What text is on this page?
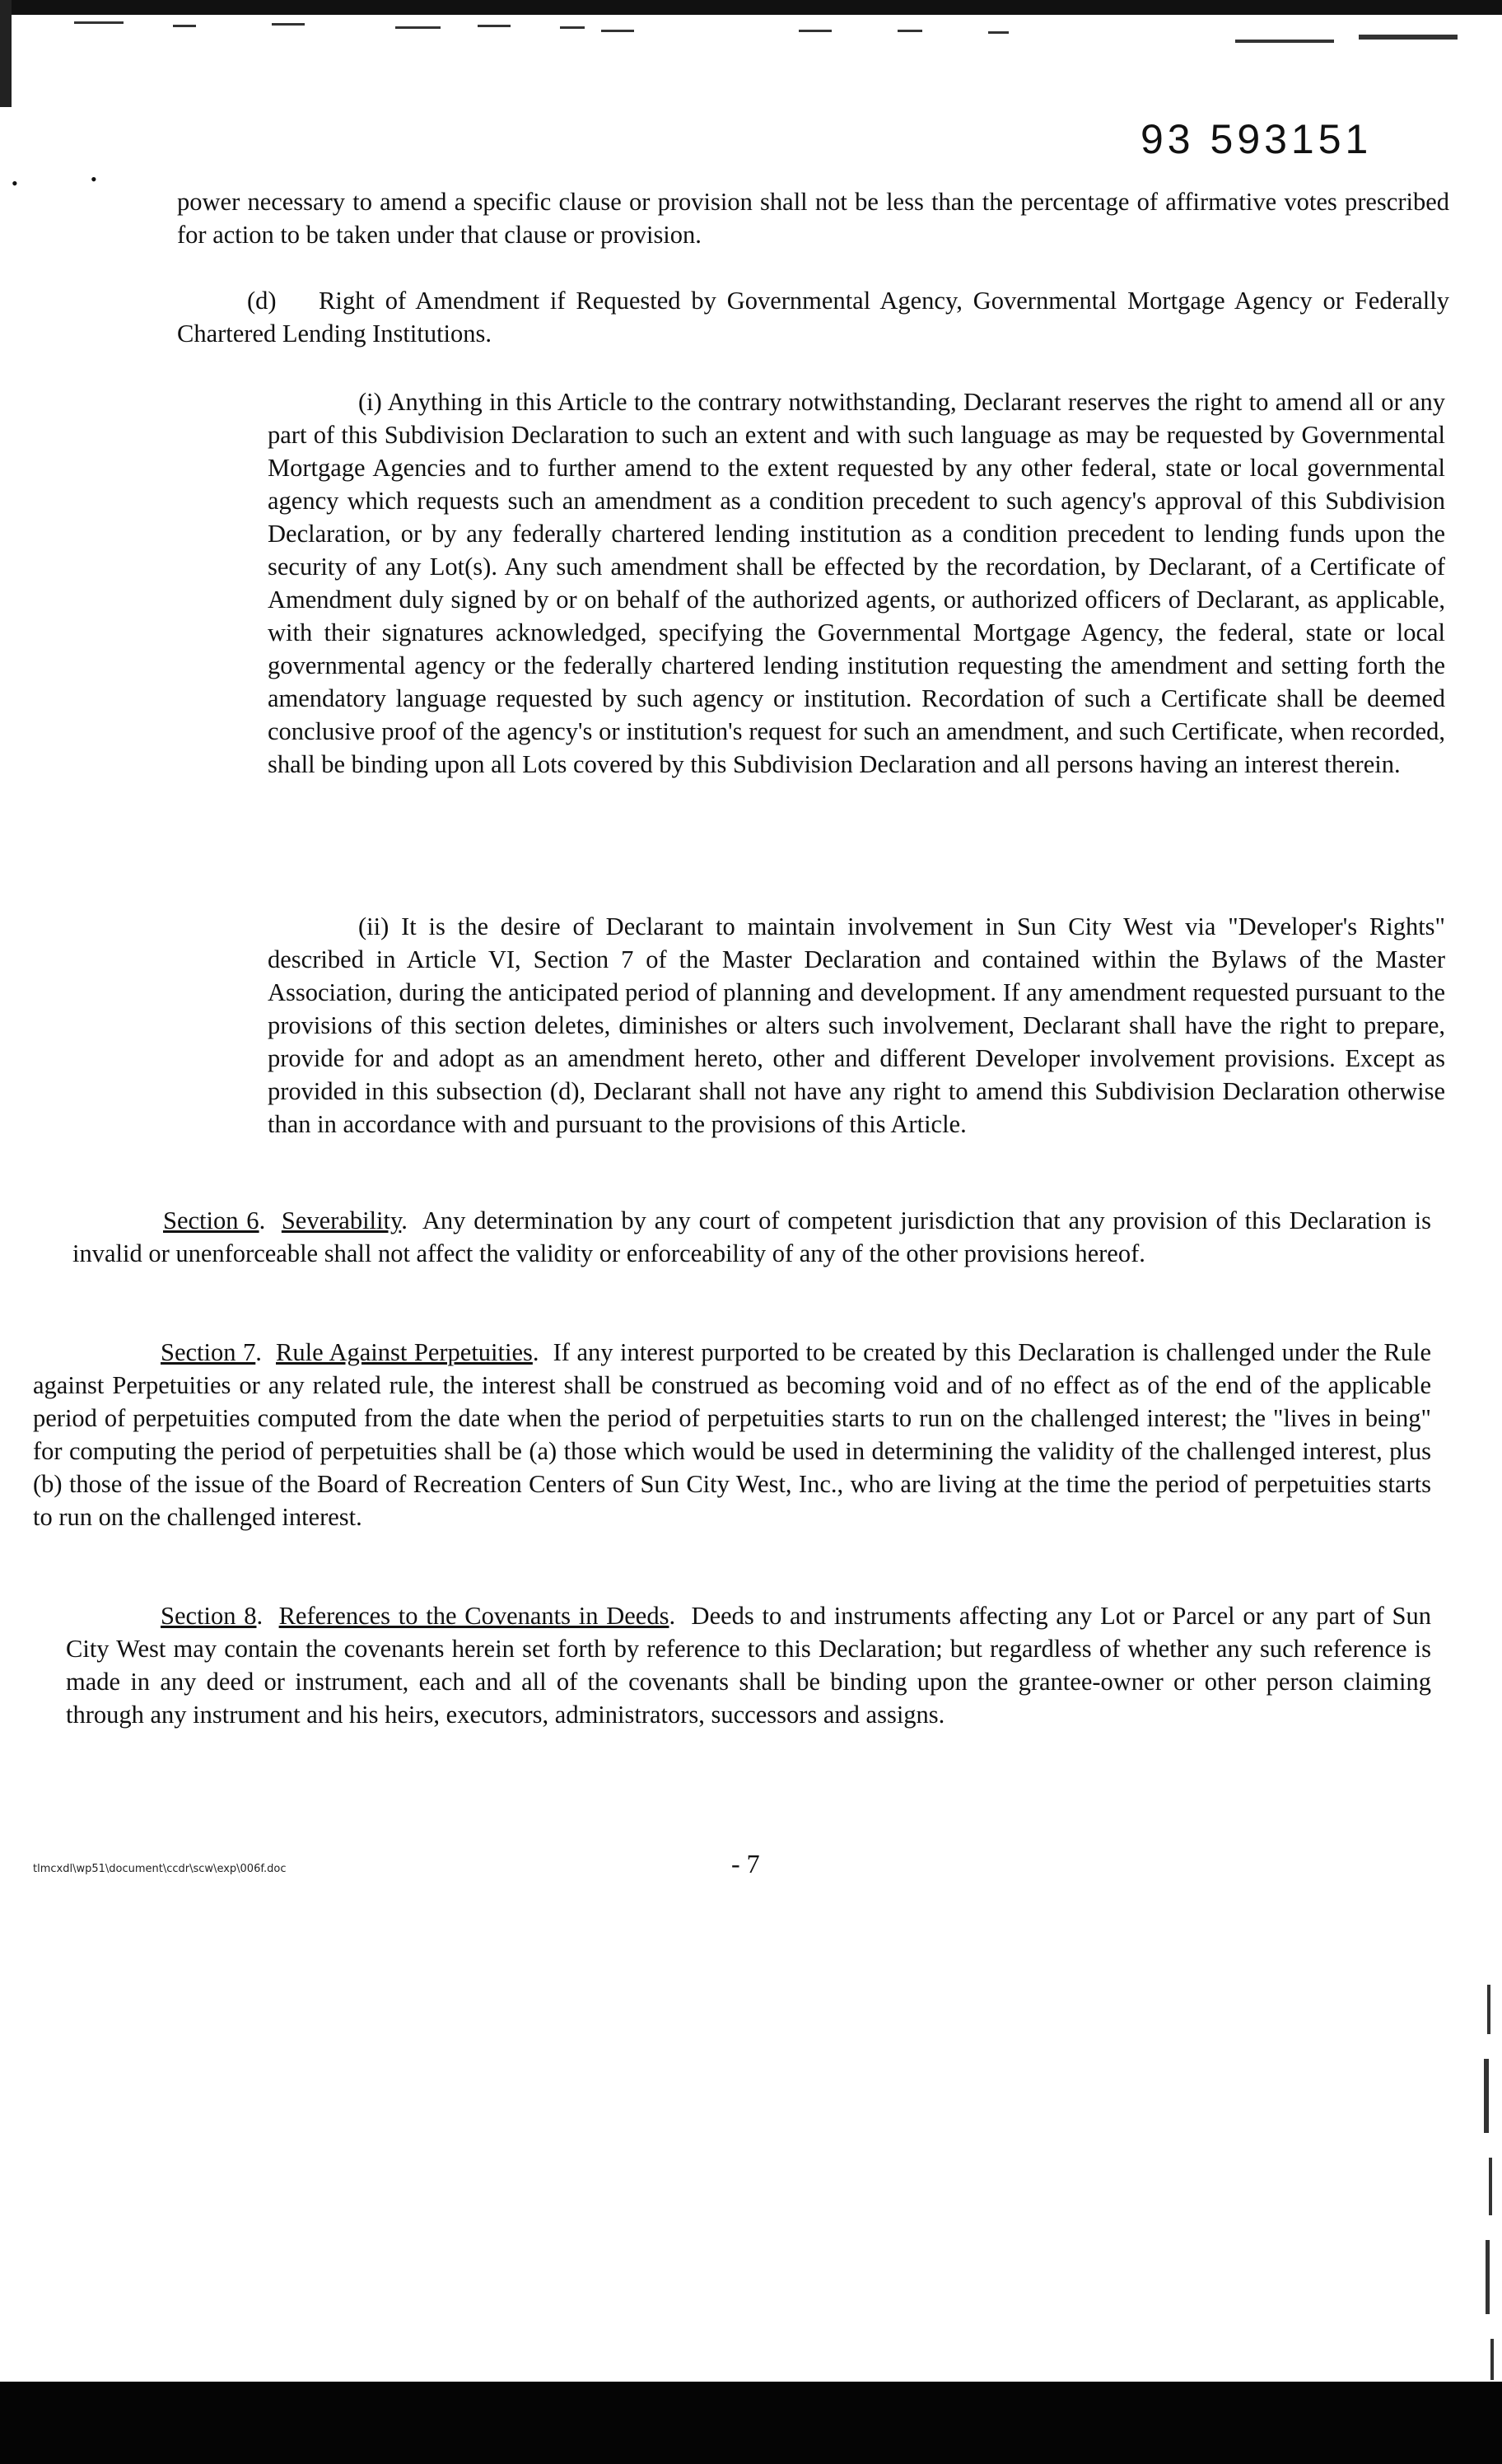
93 593151
•	•

power necessary to amend a specific clause or provision shall not be less than the percentage of affirmative votes prescribed for action to be taken under that clause or provision.

(d) Right of Amendment if Requested by Governmental Agency, Governmental Mortgage Agency or Federally Chartered Lending Institutions.

(i) Anything in this Article to the contrary notwithstanding, Declarant reserves the right to amend all or any part of this Subdivision Declaration to such an extent and with such language as may be requested by Governmental Mortgage Agencies and to further amend to the extent requested by any other federal, state or local governmental agency which requests such an amendment as a condition precedent to such agency's approval of this Subdivision Declaration, or by any federally chartered lending institution as a condition precedent to lending funds upon the security of any Lot(s). Any such amendment shall be effected by the recordation, by Declarant, of a Certificate of Amendment duly signed by or on behalf of the authorized agents, or authorized officers of Declarant, as applicable, with their signatures acknowledged, specifying the Governmental Mortgage Agency, the federal, state or local governmental agency or the federally chartered lending institution requesting the amendment and setting forth the amendatory language requested by such agency or institution. Recordation of such a Certificate shall be deemed conclusive proof of the agency's or institution's request for such an amendment, and such Certificate, when recorded, shall be binding upon all Lots covered by this Subdivision Declaration and all persons having an interest therein.

(ii) It is the desire of Declarant to maintain involvement in Sun City West via "Developer's Rights" described in Article VI, Section 7 of the Master Declaration and contained within the Bylaws of the Master Association, during the anticipated period of planning and development. If any amendment requested pursuant to the provisions of this section deletes, diminishes or alters such involvement, Declarant shall have the right to prepare, provide for and adopt as an amendment hereto, other and different Developer involvement provisions. Except as provided in this subsection (d), Declarant shall not have any right to amend this Subdivision Declaration otherwise than in accordance with and pursuant to the provisions of this Article.

Section 6.  Severability.  Any determination by any court of competent jurisdiction that any provision of this Declaration is invalid or unenforceable shall not affect the validity or enforceability of any of the other provisions hereof.

Section 7.  Rule Against Perpetuities.  If any interest purported to be created by this Declaration is challenged under the Rule against Perpetuities or any related rule, the interest shall be construed as becoming void and of no effect as of the end of the applicable period of perpetuities computed from the date when the period of perpetuities starts to run on the challenged interest; the "lives in being" for computing the period of perpetuities shall be (a) those which would be used in determining the validity of the challenged interest, plus (b) those of the issue of the Board of Recreation Centers of Sun City West, Inc., who are living at the time the period of perpetuities starts to run on the challenged interest.

Section 8.  References to the Covenants in Deeds.  Deeds to and instruments affecting any Lot or Parcel or any part of Sun City West may contain the covenants herein set forth by reference to this Declaration; but regardless of whether any such reference is made in any deed or instrument, each and all of the covenants shall be binding upon the grantee-owner or other person claiming through any instrument and his heirs, executors, administrators, successors and assigns.

tlmcxdl\wp51\document\ccdr\scw\exp\006f.doc	- 7
